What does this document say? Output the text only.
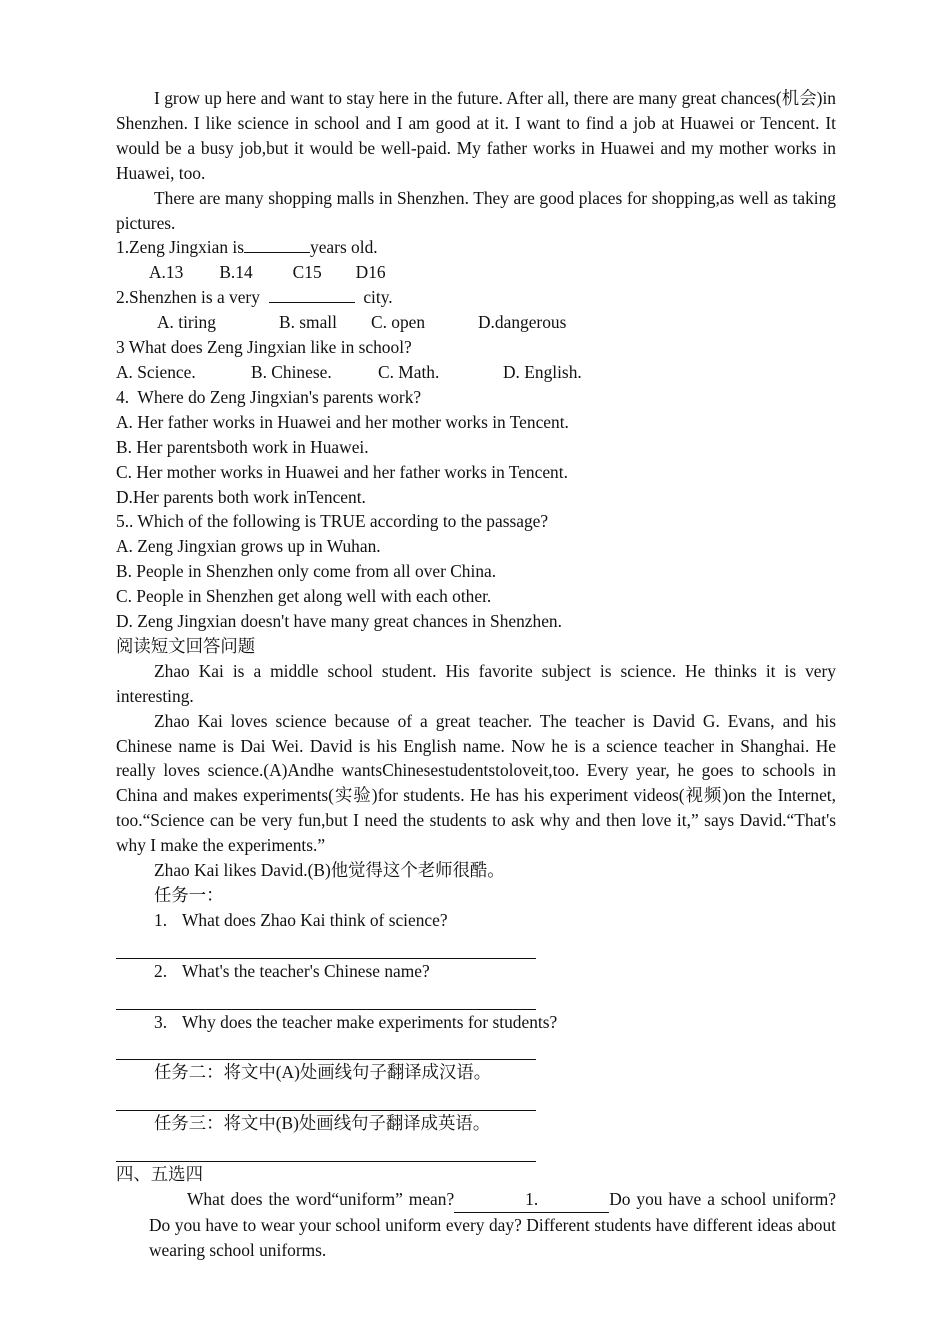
I grow up here and want to stay here in the future. After all, there are many great chances(机会)in Shenzhen. I like science in school and I am good at it. I want to find a job at Huawei or Tencent. It would be a busy job,but it would be well-paid. My father works in Huawei and my mother works in Huawei, too.

There are many shopping malls in Shenzhen. They are good places for shopping,as well as taking pictures.

1.Zeng Jingxian is	years old.

A.13 B.14 C15 D16

2.Shenzhen is a very	city.

A. tiring	B. small	C. open	D.dangerous

3 What does Zeng Jingxian like in school?

A. Science.	B. Chinese.	C. Math.	D. English.

4.  Where do Zeng Jingxian's parents work?

A. Her father works in Huawei and her mother works in Tencent.

B. Her parentsboth work in Huawei.

C. Her mother works in Huawei and her father works in Tencent.

D.Her parents both work inTencent.

5.. Which of the following is TRUE according to the passage?

A. Zeng Jingxian grows up in Wuhan.

B. People in Shenzhen only come from all over China.

C. People in Shenzhen get along well with each other.

D. Zeng Jingxian doesn't have many great chances in Shenzhen.

阅读短文回答问题

Zhao Kai is a middle school student. His favorite subject is science. He thinks it is very interesting.

Zhao Kai loves science because of a great teacher. The teacher is David G. Evans, and his Chinese name is Dai Wei. David is his English name. Now he is a science teacher in Shanghai. He really loves science.(A)Andhe wantsChinesestudentstoloveit,too. Every year, he goes to schools in China and makes experiments(实验)for students. He has his experiment videos(视频)on the Internet, too.“Science can be very fun,but I need the students to ask why and then love it,” says David.“That's why I make the experiments.”

Zhao Kai likes David.(B)他觉得这个老师很酷。

任务一：

1. What does Zhao Kai think of science?

2. What's the teacher's Chinese name?

3. Why does the teacher make experiments for students?

任务二：将文中(A)处画线句子翻译成汉语。

任务三：将文中(B)处画线句子翻译成英语。

四、五选四

What does the word“uniform” mean?	1.	Do you have a school uniform?Do you have to wear your school uniform every day? Different students have different ideas about wearing school uniforms.
